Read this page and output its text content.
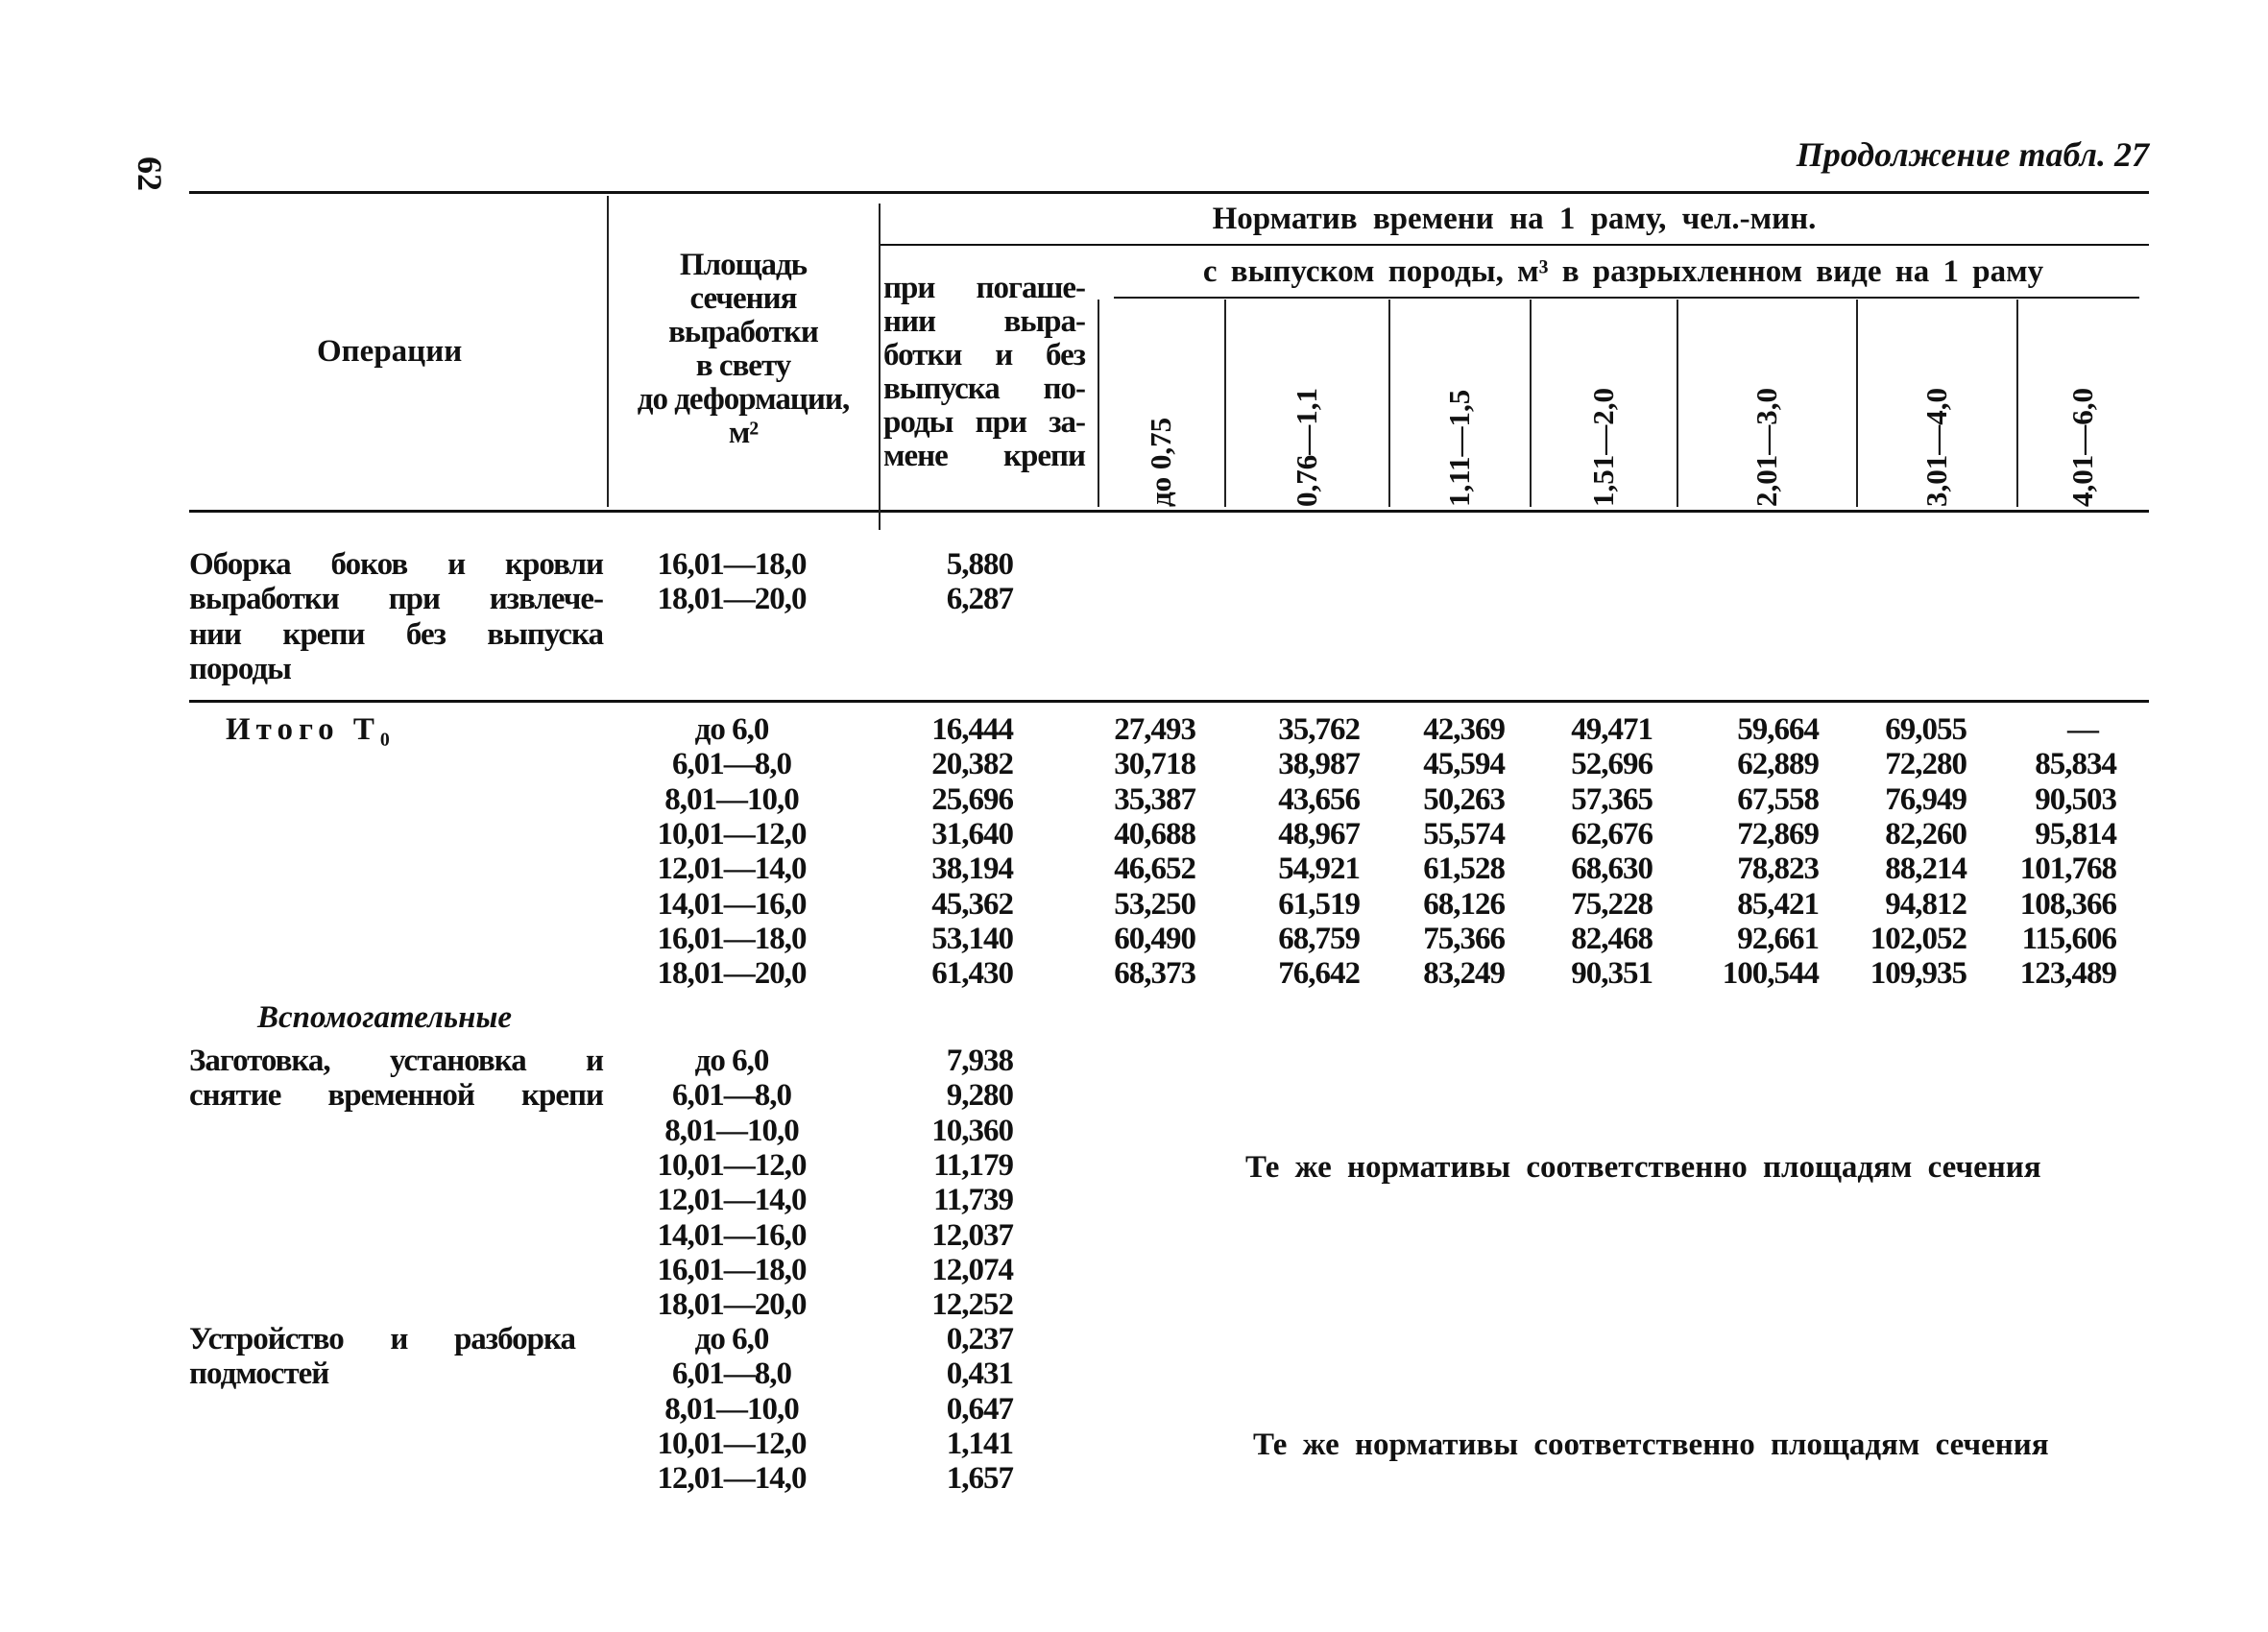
62	Продолжение табл. 27
Операции
Площадь
сечения
выработки
в свету
до деформации,
м²
при погаше-
нии выра-
ботки и без
выпуска по-
роды при за-
мене крепи
Норматив времени на 1 раму, чел.-мин.
с выпуском породы, м³ в разрыхленном виде на 1 раму
до 0,75	0,76—1,1	1,11—1,5	1,51—2,0	2,01—3,0	3,01—4,0	4,01—6,0
Оборка боков и кровли
выработки при извлече-
нии крепи без выпуска
породы
16,01—18,0	5,880
18,01—20,0	6,287
Итого T₀	до 6,0	16,444	27,493	35,762	42,369	49,471	59,664	69,055	—
6,01—8,0	20,382	30,718	38,987	45,594	52,696	62,889	72,280	85,834
8,01—10,0	25,696	35,387	43,656	50,263	57,365	67,558	76,949	90,503
10,01—12,0	31,640	40,688	48,967	55,574	62,676	72,869	82,260	95,814
12,01—14,0	38,194	46,652	54,921	61,528	68,630	78,823	88,214	101,768
14,01—16,0	45,362	53,250	61,519	68,126	75,228	85,421	94,812	108,366
16,01—18,0	53,140	60,490	68,759	75,366	82,468	92,661	102,052	115,606
18,01—20,0	61,430	68,373	76,642	83,249	90,351	100,544	109,935	123,489
Заготовка, установка и
снятие временной крепи
до 6,0	7,938
6,01—8,0	9,280
8,01—10,0	10,360
10,01—12,0	11,179
12,01—14,0	11,739
14,01—16,0	12,037
16,01—18,0	12,074
18,01—20,0	12,252
Устройство и разборка
подмостей
до 6,0	0,237
6,01—8,0	0,431
8,01—10,0	0,647
10,01—12,0	1,141
12,01—14,0	1,657
Вспомогательные
Те же нормативы соответственно площадям сечения
Те же нормативы соответственно площадям сечения
